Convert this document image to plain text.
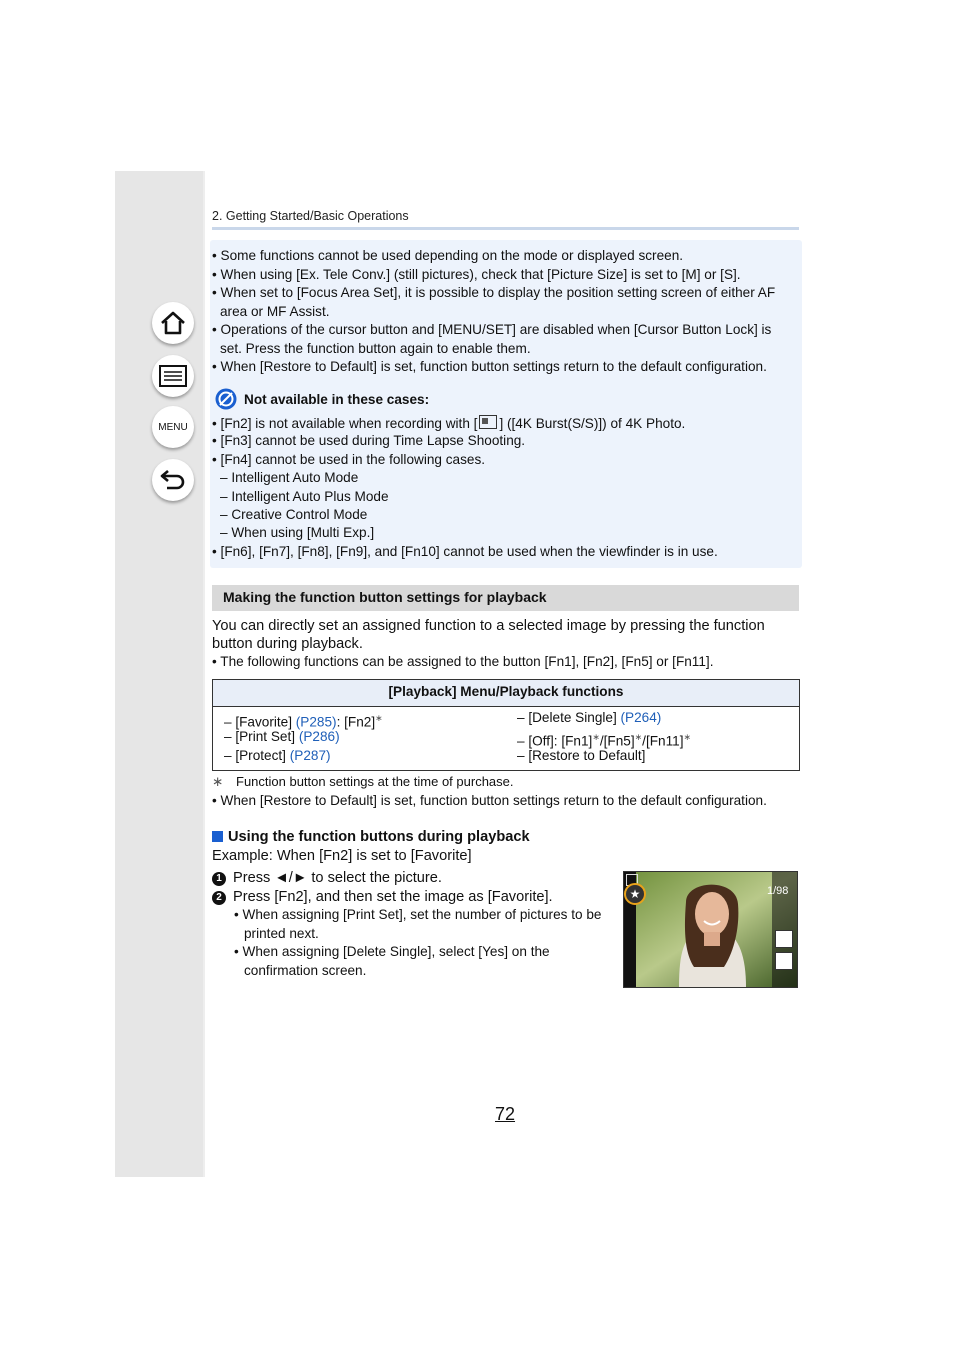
MENU
2. Getting Started/Basic Operations
• Some functions cannot be used depending on the mode or displayed screen.
• When using [Ex. Tele Conv.] (still pictures), check that [Picture Size] is set to [M] or [S].
• When set to [Focus Area Set], it is possible to display the position setting screen of either AF
area or MF Assist.
• Operations of the cursor button and [MENU/SET] are disabled when [Cursor Button Lock] is
set. Press the function button again to enable them.
• When [Restore to Default] is set, function button settings return to the default configuration.
Not available in these cases:
• [Fn2] is not available when recording with [ ] ([4K Burst(S/S)]) of 4K Photo.
• [Fn3] cannot be used during Time Lapse Shooting.
• [Fn4] cannot be used in the following cases.
– Intelligent Auto Mode
– Intelligent Auto Plus Mode
– Creative Control Mode
– When using [Multi Exp.]
• [Fn6], [Fn7], [Fn8], [Fn9], and [Fn10] cannot be used when the viewfinder is in use.
Making the function button settings for playback
You can directly set an assigned function to a selected image by pressing the function
button during playback.
• The following functions can be assigned to the button [Fn1], [Fn2], [Fn5] or [Fn11].
[Playback] Menu/Playback functions
– [Favorite] (P285): [Fn2]∗
– [Print Set] (P286)
– [Protect] (P287)
– [Delete Single] (P264)
– [Off]: [Fn1]∗/[Fn5]∗/[Fn11]∗
– [Restore to Default]
∗ Function button settings at the time of purchase.
• When [Restore to Default] is set, function button settings return to the default configuration.
Using the function buttons during playback
Example: When [Fn2] is set to [Favorite]
1 Press ◄/► to select the picture.
2 Press [Fn2], and then set the image as [Favorite].
• When assigning [Print Set], set the number of pictures to be
printed next.
• When assigning [Delete Single], select [Yes] on the
confirmation screen.
★	1/98
72
